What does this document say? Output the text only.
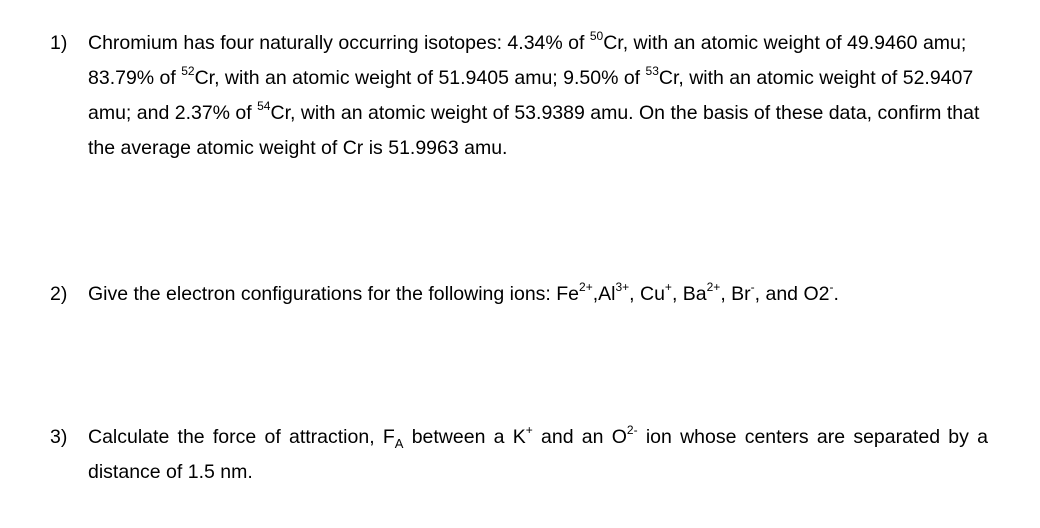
1) Chromium has four naturally occurring isotopes: 4.34% of $^{50}$Cr, with an atomic weight of 49.9460 amu; 83.79% of $^{52}$Cr, with an atomic weight of 51.9405 amu; 9.50% of $^{53}$Cr, with an atomic weight of 52.9407 amu; and 2.37% of $^{54}$Cr, with an atomic weight of 53.9389 amu. On the basis of these data, confirm that the average atomic weight of Cr is 51.9963 amu.
2) Give the electron configurations for the following ions: $Fe^{2+},Al^{3+}$, Cu+, $Ba^{2+}$, Br-, and O2-.
3) Calculate the force of attraction, $F_A$ between a K+ and an $O^{2-}$ ion whose centers are separated by a distance of 1.5 nm.
